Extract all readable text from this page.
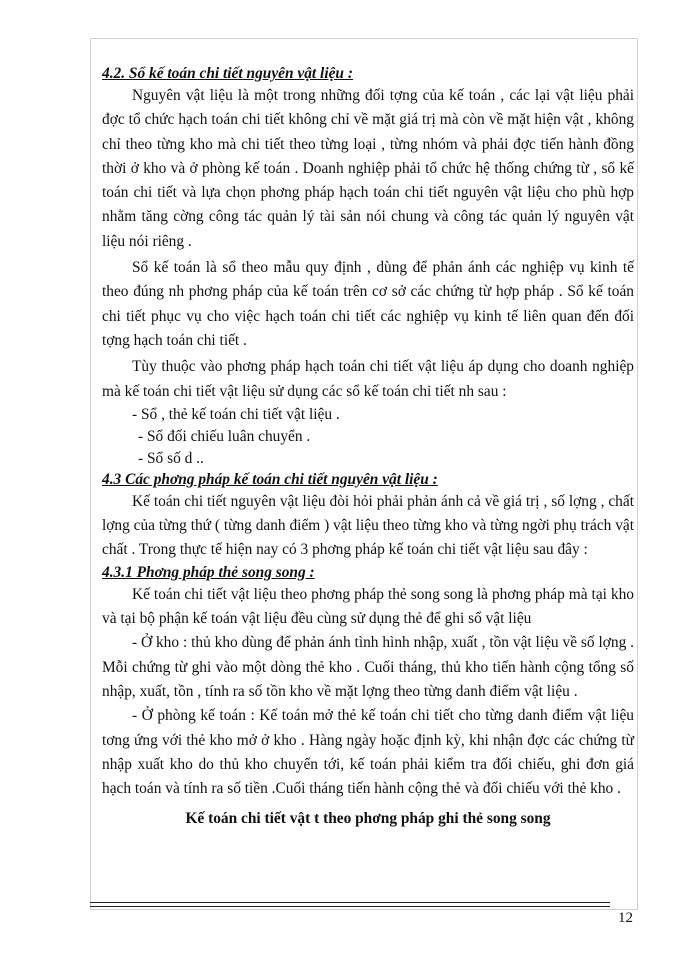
4.2. Sổ kế toán chi tiết nguyên vật liệu :

Nguyên vật liệu là một trong những đối tợng của kế toán , các lại vật liệu phải đợc tổ chức hạch toán chi tiết không chỉ về mặt giá trị mà còn về mặt hiện vật , không chỉ theo từng kho mà chi tiết theo từng loại , từng nhóm và phải đợc tiến hành đồng thời ở kho và ở phòng kế toán . Doanh nghiệp phải tổ chức hệ thống chứng từ , sổ kế toán chi tiết và lựa chọn phơng pháp hạch toán chi tiết nguyên vật liệu cho phù hợp nhằm tăng cờng công tác quản lý tài sản nói chung và công tác quản lý nguyên vật liệu nói riêng .

Sổ kế toán là sổ theo mẫu quy định , dùng để phản ánh các nghiệp vụ kinh tế theo đúng nh phơng pháp của kế toán trên cơ sở các chứng từ hợp pháp . Sổ kế toán chi tiết phục vụ cho việc hạch toán chi tiết các nghiệp vụ kinh tế liên quan đến đối tợng hạch toán chi tiết .

Tùy thuộc vào phơng pháp hạch toán chi tiết vật liệu áp dụng cho doanh nghiệp mà kế toán chi tiết vật liệu sử dụng các sổ kế toán chi tiết nh sau :

- Sổ , thẻ kế toán chi tiết vật liệu .
- Sổ đối chiếu luân chuyển .
- Sổ số d ..
4.3 Các phơng pháp kế toán chi tiết nguyên vật liệu :

Kế toán chi tiết nguyên vật liệu đòi hỏi phải phản ánh cả về giá trị , số lợng , chất lợng của từng thứ ( từng danh điểm ) vật liệu theo từng kho và từng ngời phụ trách vật chất . Trong thực tế hiện nay có 3 phơng pháp kế toán chi tiết vật liệu sau đây :

4.3.1 Phơng pháp thẻ song song :

Kế toán chi tiết vật liệu theo phơng pháp thẻ song song là phơng pháp mà tại kho và tại bộ phận kế toán vật liệu đều cùng sử dụng thẻ để ghi sổ vật liệu

- Ở kho : thủ kho dùng để phản ánh tình hình nhập, xuất , tồn vật liệu về số lợng . Mỗi chứng từ ghi vào một dòng thẻ kho . Cuối tháng, thủ kho tiến hành cộng tổng số nhập, xuất, tồn , tính ra số tồn kho về mặt lợng theo từng danh điểm vật liệu .

- Ở phòng kế toán : Kế toán mở thẻ kế toán chi tiết cho từng danh điểm vật liệu tơng ứng với thẻ kho mở ở kho . Hàng ngày hoặc định kỳ, khi nhận đợc các chứng từ nhập xuất kho do thủ kho chuyển tới, kế toán phải kiểm tra đối chiếu, ghi đơn giá hạch toán và tính ra số tiền .Cuối tháng tiến hành cộng thẻ và đối chiếu với thẻ kho .

Kế toán chi tiết vật t theo phơng pháp ghi thẻ song song
12
